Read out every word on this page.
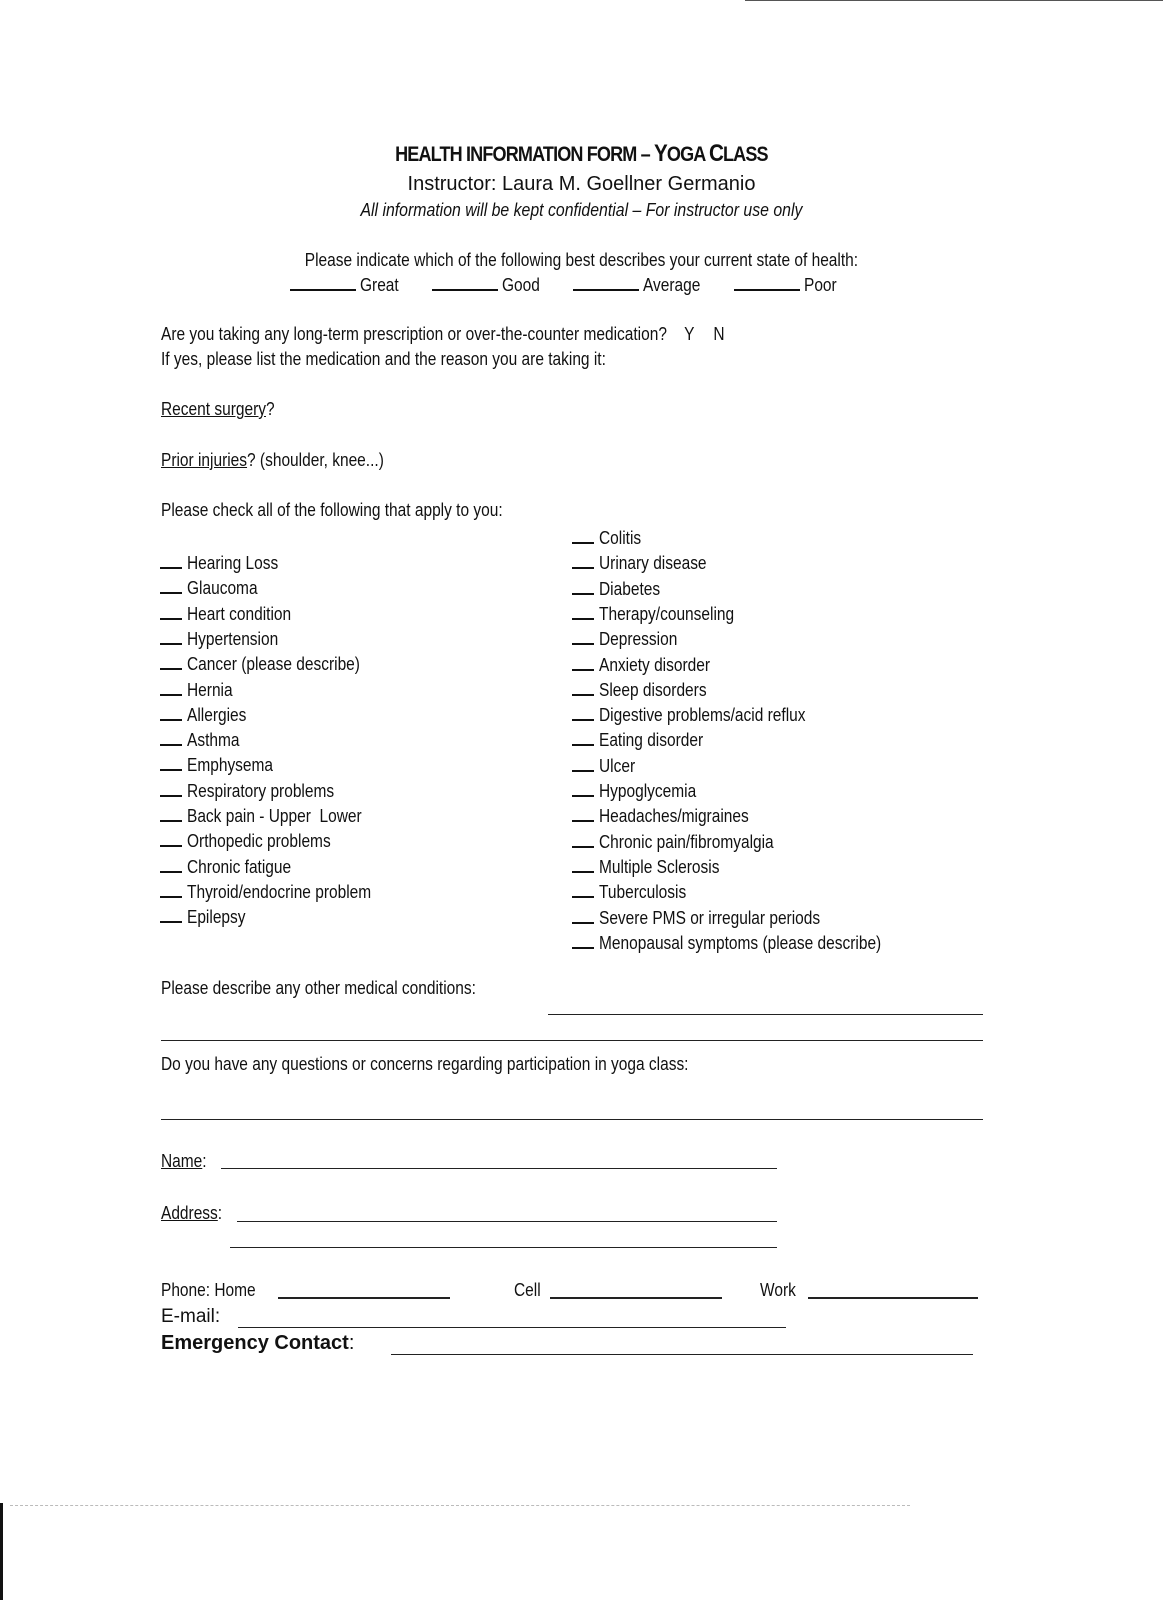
HEALTH INFORMATION FORM – YOGA CLASS
Instructor: Laura M. Goellner Germanio
All information will be kept confidential – For instructor use only
Please indicate which of the following best describes your current state of health:
Great	Good	Average	Poor
Are you taking any long-term prescription or over-the-counter medication? Y N
If yes, please list the medication and the reason you are taking it:
Recent surgery?
Prior injuries? (shoulder, knee...)
Please check all of the following that apply to you:
Hearing Loss
Glaucoma
Heart condition
Hypertension
Cancer (please describe)
Hernia
Allergies
Asthma
Emphysema
Respiratory problems
Back pain - Upper  Lower
Orthopedic problems
Chronic fatigue
Thyroid/endocrine problem
Epilepsy
Colitis
Urinary disease
Diabetes
Therapy/counseling
Depression
Anxiety disorder
Sleep disorders
Digestive problems/acid reflux
Eating disorder
Ulcer
Hypoglycemia
Headaches/migraines
Chronic pain/fibromyalgia
Multiple Sclerosis
Tuberculosis
Severe PMS or irregular periods
Menopausal symptoms (please describe)
Please describe any other medical conditions:
Do you have any questions or concerns regarding participation in yoga class:
Name:
Address:
Phone: Home	Cell	Work
E-mail:
Emergency Contact:
